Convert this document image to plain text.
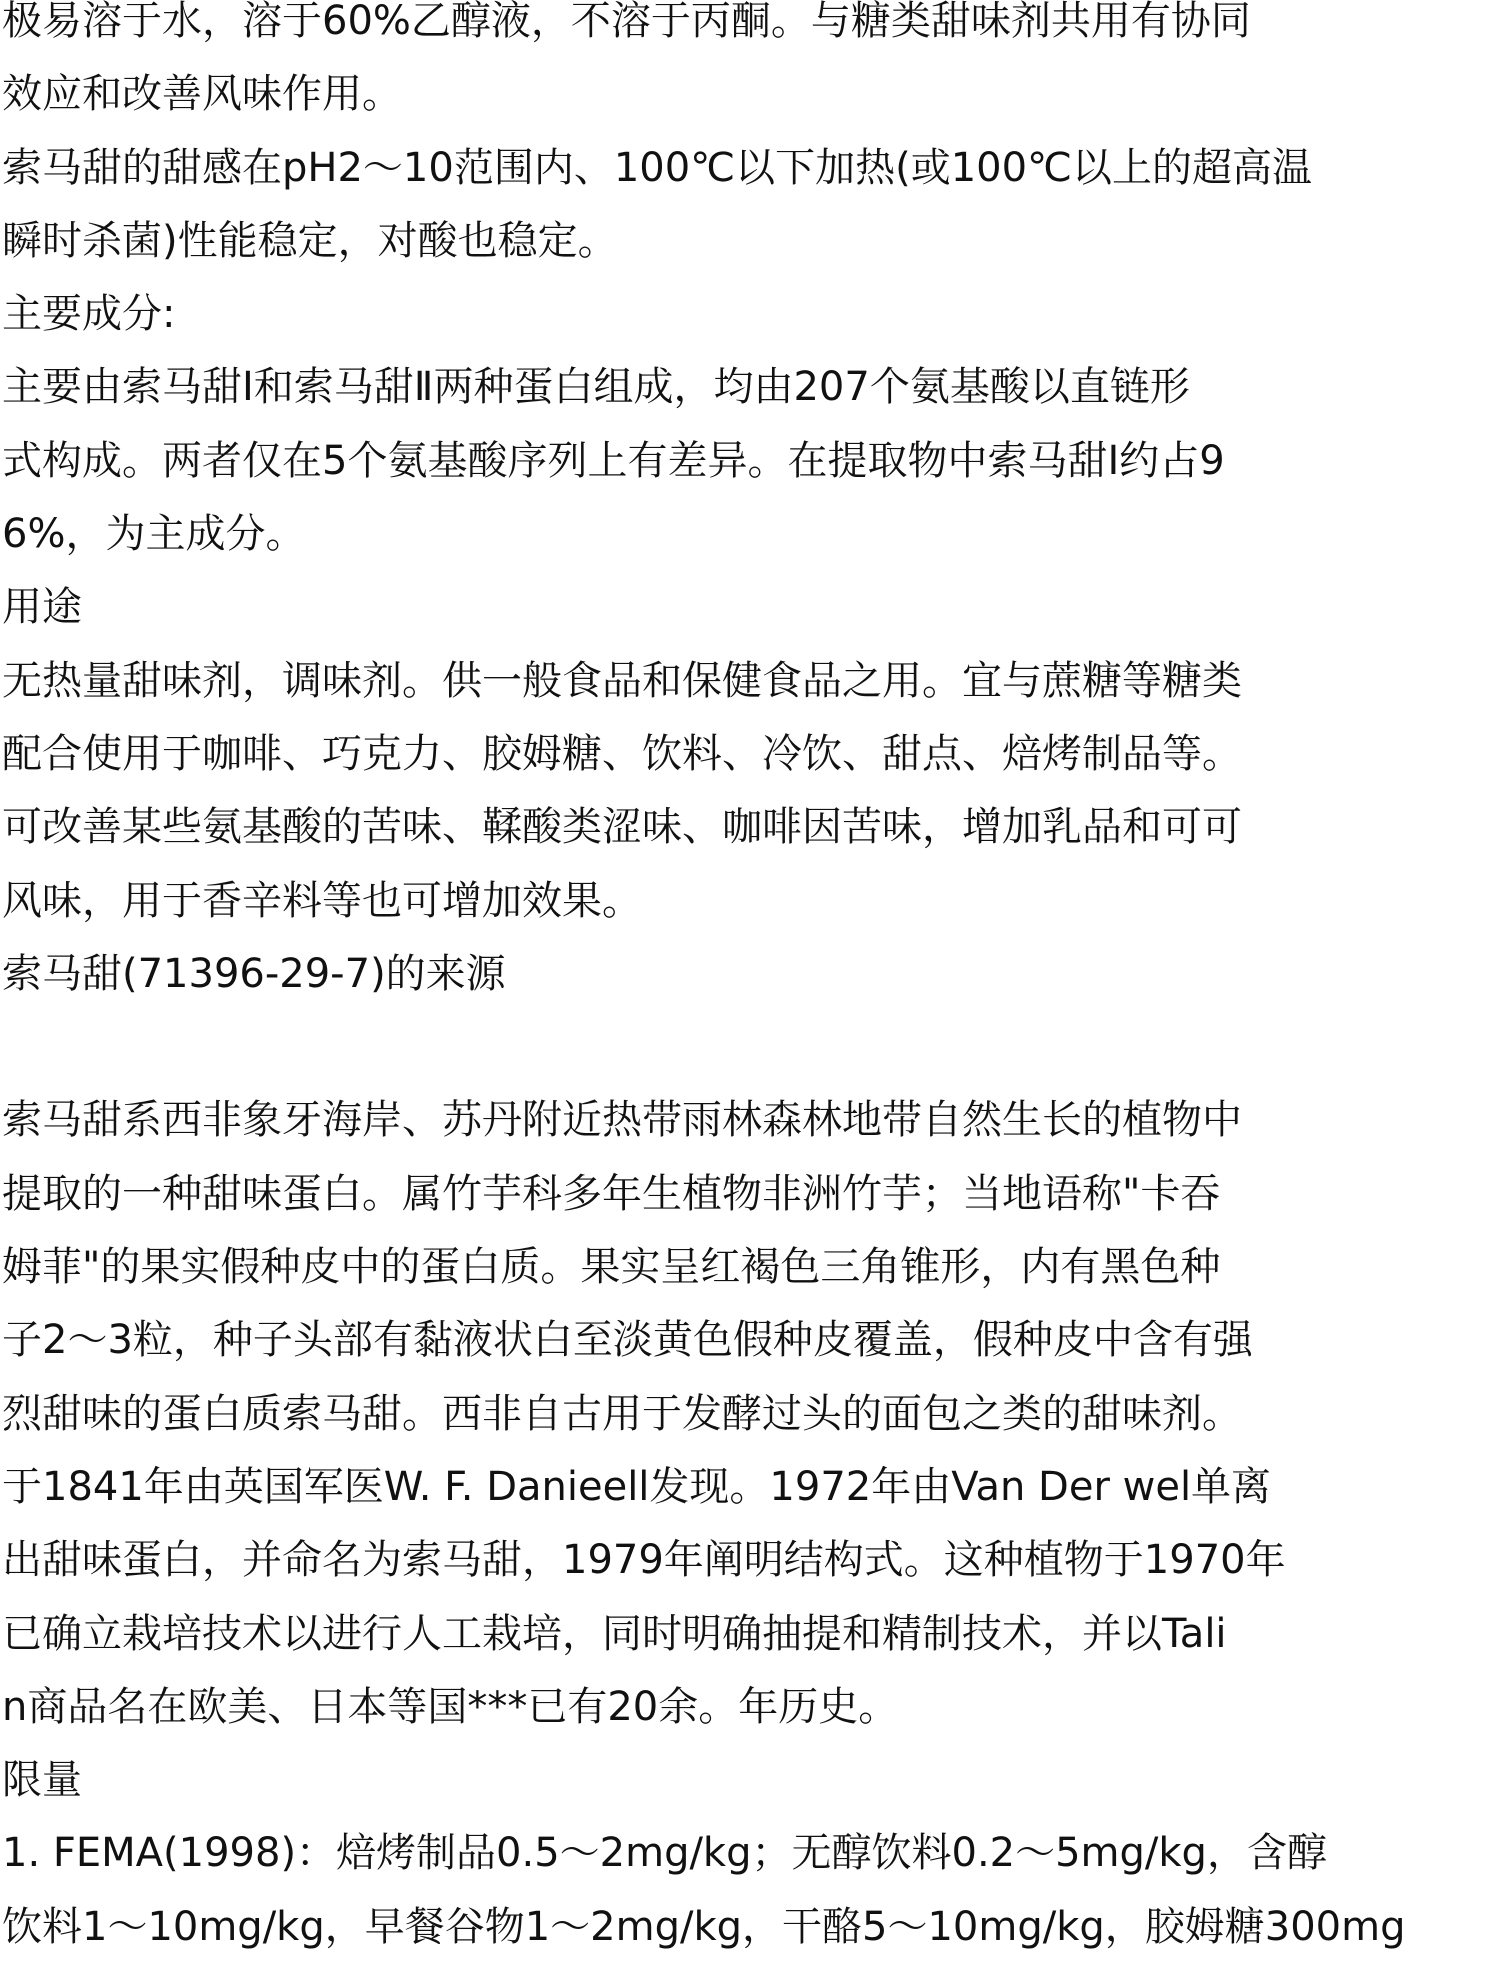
极易溶于水，溶于60%乙醇液，不溶于丙酮。与糖类甜味剂共用有协同
效应和改善风味作用。
索马甜的甜感在pH2～10范围内、100℃以下加热(或100℃以上的超高温
瞬时杀菌)性能稳定，对酸也稳定。
主要成分:
主要由索马甜Ⅰ和索马甜Ⅱ两种蛋白组成，均由207个氨基酸以直链形
式构成。两者仅在5个氨基酸序列上有差异。在提取物中索马甜Ⅰ约占9
6%，为主成分。
用途
无热量甜味剂，调味剂。供一般食品和保健食品之用。宜与蔗糖等糖类
配合使用于咖啡、巧克力、胶姆糖、饮料、冷饮、甜点、焙烤制品等。
可改善某些氨基酸的苦味、鞣酸类涩味、咖啡因苦味，增加乳品和可可
风味，用于香辛料等也可增加效果。
索马甜(71396-29-7)的来源
索马甜系西非象牙海岸、苏丹附近热带雨林森林地带自然生长的植物中
提取的一种甜味蛋白。属竹芋科多年生植物非洲竹芋；当地语称"卡吞
姆菲"的果实假种皮中的蛋白质。果实呈红褐色三角锥形，内有黑色种
子2～3粒，种子头部有黏液状白至淡黄色假种皮覆盖，假种皮中含有强
烈甜味的蛋白质索马甜。西非自古用于发酵过头的面包之类的甜味剂。
于1841年由英国军医W. F. Danieell发现。1972年由Van Der wel单离
出甜味蛋白，并命名为索马甜，1979年阐明结构式。这种植物于1970年
已确立栽培技术以进行人工栽培，同时明确抽提和精制技术，并以Tali
n商品名在欧美、日本等国***已有20余。年历史。
限量
1. FEMA(1998)：焙烤制品0.5～2mg/kg；无醇饮料0.2～5mg/kg，含醇
饮料1～10mg/kg，早餐谷物1～2mg/kg，干酪5～10mg/kg，胶姆糖300mg
